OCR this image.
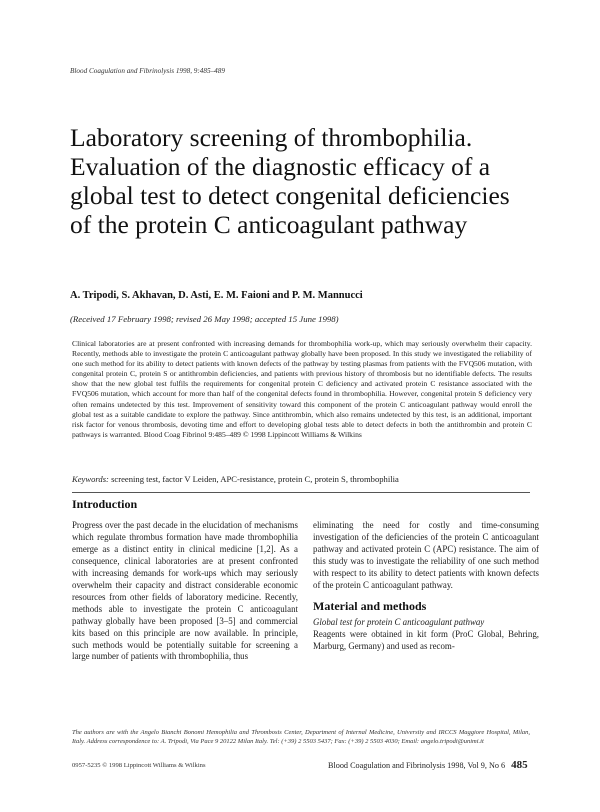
Blood Coagulation and Fibrinolysis 1998, 9:485–489
Laboratory screening of thrombophilia.
Evaluation of the diagnostic efficacy of a
global test to detect congenital deficiencies
of the protein C anticoagulant pathway
A. Tripodi, S. Akhavan, D. Asti, E. M. Faioni and P. M. Mannucci
(Received 17 February 1998; revised 26 May 1998; accepted 15 June 1998)
Clinical laboratories are at present confronted with increasing demands for thrombophilia work-up, which may seriously overwhelm their capacity. Recently, methods able to investigate the protein C anticoagulant pathway globally have been proposed. In this study we investigated the reliability of one such method for its ability to detect patients with known defects of the pathway by testing plasmas from patients with the FVQ506 mutation, with congenital protein C, protein S or antithrombin deficiencies, and patients with previous history of thrombosis but no identifiable defects. The results show that the new global test fulfils the requirements for congenital protein C deficiency and activated protein C resistance associated with the FVQ506 mutation, which account for more than half of the congenital defects found in thrombophilia. However, congenital protein S deficiency very often remains undetected by this test. Improvement of sensitivity toward this component of the protein C anticoagulant pathway would enroll the global test as a suitable candidate to explore the pathway. Since antithrombin, which also remains undetected by this test, is an additional, important risk factor for venous thrombosis, devoting time and effort to developing global tests able to detect defects in both the antithrombin and protein C pathways is warranted. Blood Coag Fibrinol 9:485–489 © 1998 Lippincott Williams & Wilkins
Keywords: screening test, factor V Leiden, APC-resistance, protein C, protein S, thrombophilia
Introduction
Progress over the past decade in the elucidation of mechanisms which regulate thrombus formation have made thrombophilia emerge as a distinct entity in clinical medicine [1,2]. As a consequence, clinical laboratories are at present confronted with increasing demands for work-ups which may seriously overwhelm their capacity and distract considerable economic resources from other fields of laboratory medicine. Recently, methods able to investigate the protein C anticoagulant pathway globally have been proposed [3–5] and commercial kits based on this principle are now available. In principle, such methods would be potentially suitable for screening a large number of patients with thrombophilia, thus
eliminating the need for costly and time-consuming investigation of the deficiencies of the protein C anticoagulant pathway and activated protein C (APC) resistance. The aim of this study was to investigate the reliability of one such method with respect to its ability to detect patients with known defects of the protein C anticoagulant pathway.
Material and methods
Global test for protein C anticoagulant pathway
Reagents were obtained in kit form (ProC Global, Behring, Marburg, Germany) and used as recom-
The authors are with the Angelo Bianchi Bonomi Hemophilia and Thrombosis Center, Department of Internal Medicine, University and IRCCS Maggiore Hospital, Milan, Italy. Address correspondence to: A. Tripodi, Via Pace 9 20122 Milan Italy. Tel: (+39) 2 5503 5437; Fax: (+39) 2 5503 4030; Email: angelo.tripodi@unimi.it
0957-5235 © 1998 Lippincott Williams & Wilkins	Blood Coagulation and Fibrinolysis 1998, Vol 9, No 6 485
